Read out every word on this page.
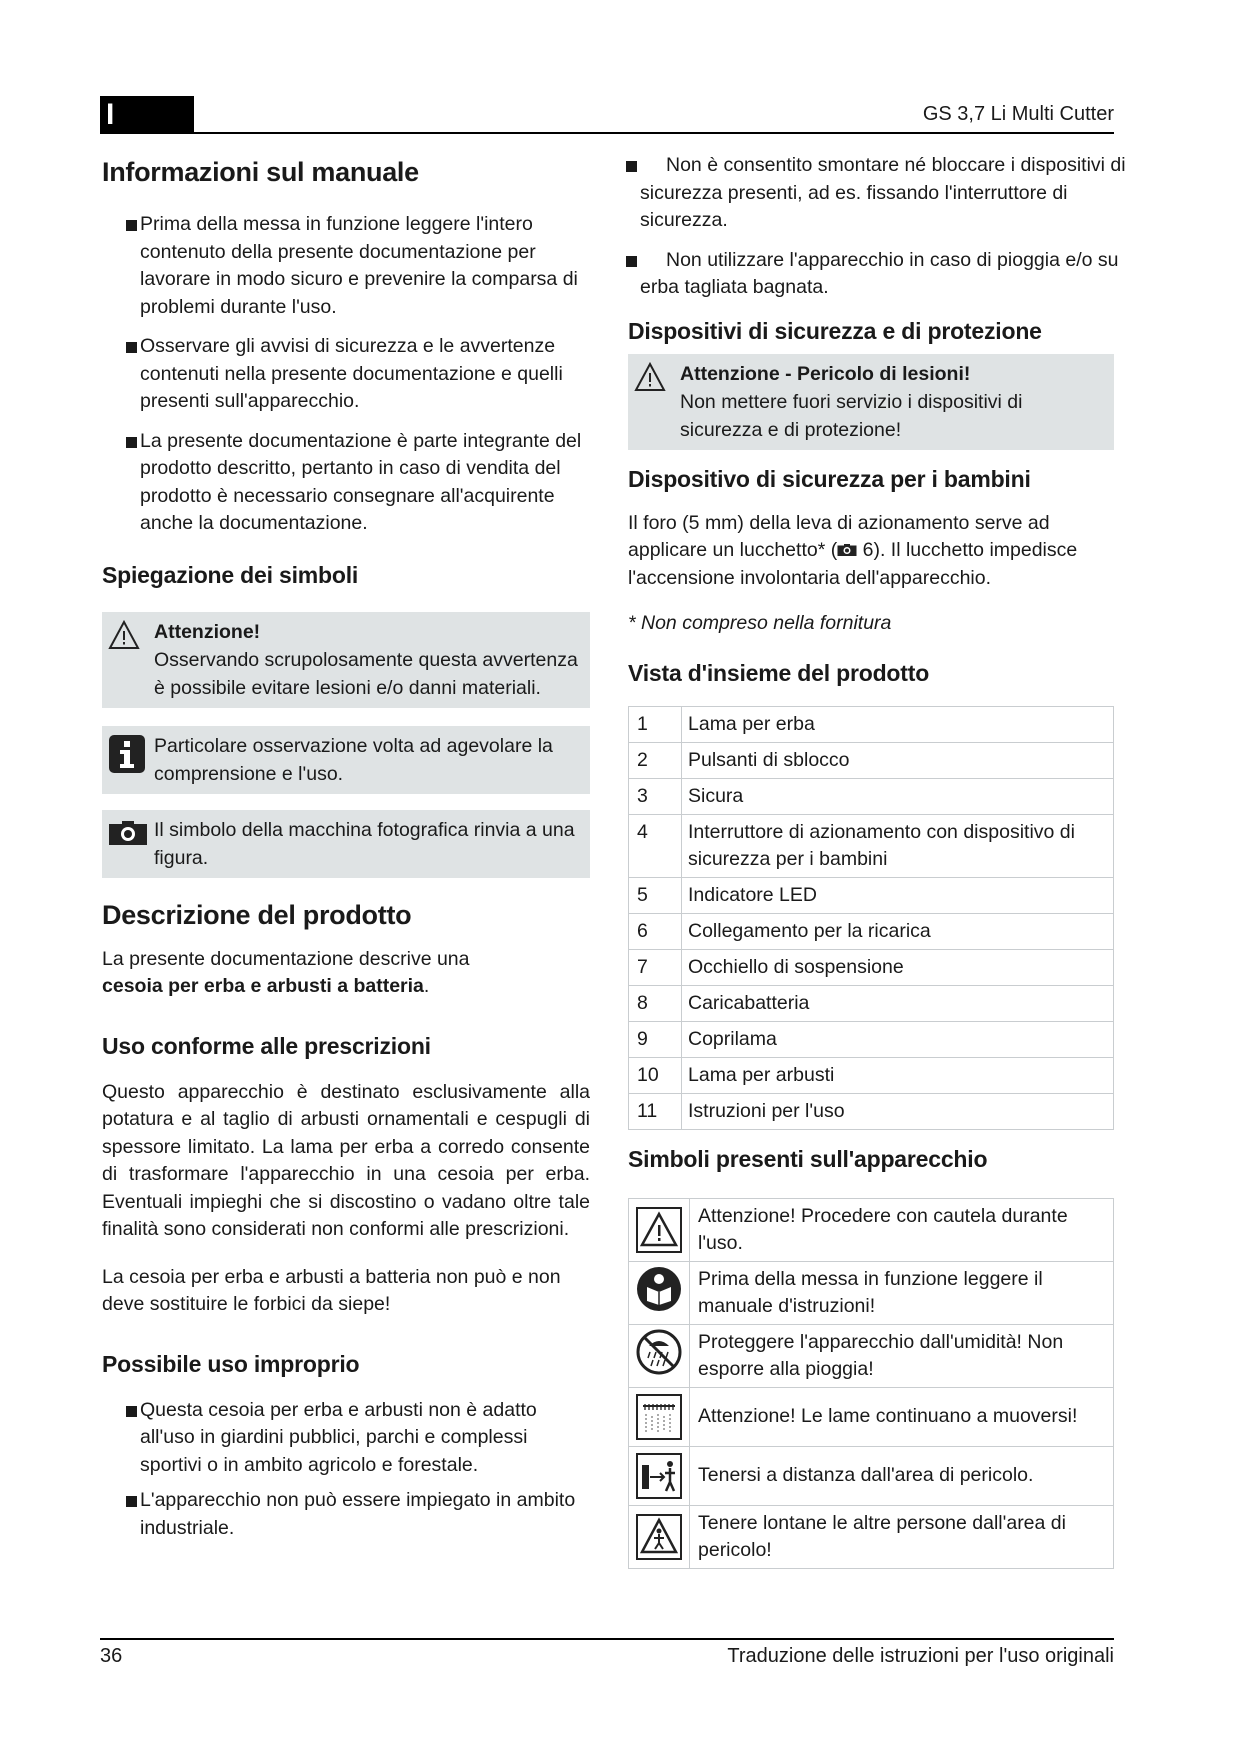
I	GS 3,7 Li Multi Cutter
Informazioni sul manuale
Prima della messa in funzione leggere l'intero contenuto della presente documentazione per lavorare in modo sicuro e prevenire la comparsa di problemi durante l'uso.
Osservare gli avvisi di sicurezza e le avvertenze contenuti nella presente documentazione e quelli presenti sull'apparecchio.
La presente documentazione è parte integrante del prodotto descritto, pertanto in caso di vendita del prodotto è necessario consegnare all'acquirente anche la documentazione.
Spiegazione dei simboli
Attenzione!
Osservando scrupolosamente questa avvertenza è possibile evitare lesioni e/o danni materiali.
Particolare osservazione volta ad agevolare la comprensione e l'uso.
Il simbolo della macchina fotografica rinvia a una figura.
Descrizione del prodotto

La presente documentazione descrive una
cesoia per erba e arbusti a batteria.

Uso conforme alle prescrizioni

Questo apparecchio è destinato esclusivamente alla potatura e al taglio di arbusti ornamentali e cespugli di spessore limitato. La lama per erba a corredo consente di trasformare l'apparecchio in una cesoia per erba. Eventuali impieghi che si discostino o vadano oltre tale finalità sono considerati non conformi alle prescrizioni.

La cesoia per erba e arbusti a batteria non può e non deve sostituire le forbici da siepe!

Possibile uso improprio
Questa cesoia per erba e arbusti non è adatto all'uso in giardini pubblici, parchi e complessi sportivi o in ambito agricolo e forestale.
L'apparecchio non può essere impiegato in ambito industriale.
Non è consentito smontare né bloccare i dispositivi di sicurezza presenti, ad es. fissando l'interruttore di sicurezza.
Non utilizzare l'apparecchio in caso di pioggia e/o su erba tagliata bagnata.
Dispositivi di sicurezza e di protezione
Attenzione - Pericolo di lesioni!
Non mettere fuori servizio i dispositivi di sicurezza e di protezione!
Dispositivo di sicurezza per i bambini

Il foro (5 mm) della leva di azionamento serve ad applicare un lucchetto* ( 6). Il lucchetto impedisce l'accensione involontaria dell'apparecchio.

* Non compreso nella fornitura

Vista d'insieme del prodotto
1	Lama per erba
2	Pulsanti di sblocco
3	Sicura
4	Interruttore di azionamento con dispositivo di sicurezza per i bambini
5	Indicatore LED
6	Collegamento per la ricarica
7	Occhiello di sospensione
8	Caricabatteria
9	Coprilama
10	Lama per arbusti
11	Istruzioni per l'uso
Simboli presenti sull'apparecchio
	Attenzione! Procedere con cautela durante l'uso.
	Prima della messa in funzione leggere il manuale d'istruzioni!
	Proteggere l'apparecchio dall'umidità! Non esporre alla pioggia!
	Attenzione! Le lame continuano a muoversi!
	Tenersi a distanza dall'area di pericolo.
	Tenere lontane le altre persone dall'area di pericolo!
36	Traduzione delle istruzioni per l'uso originali
